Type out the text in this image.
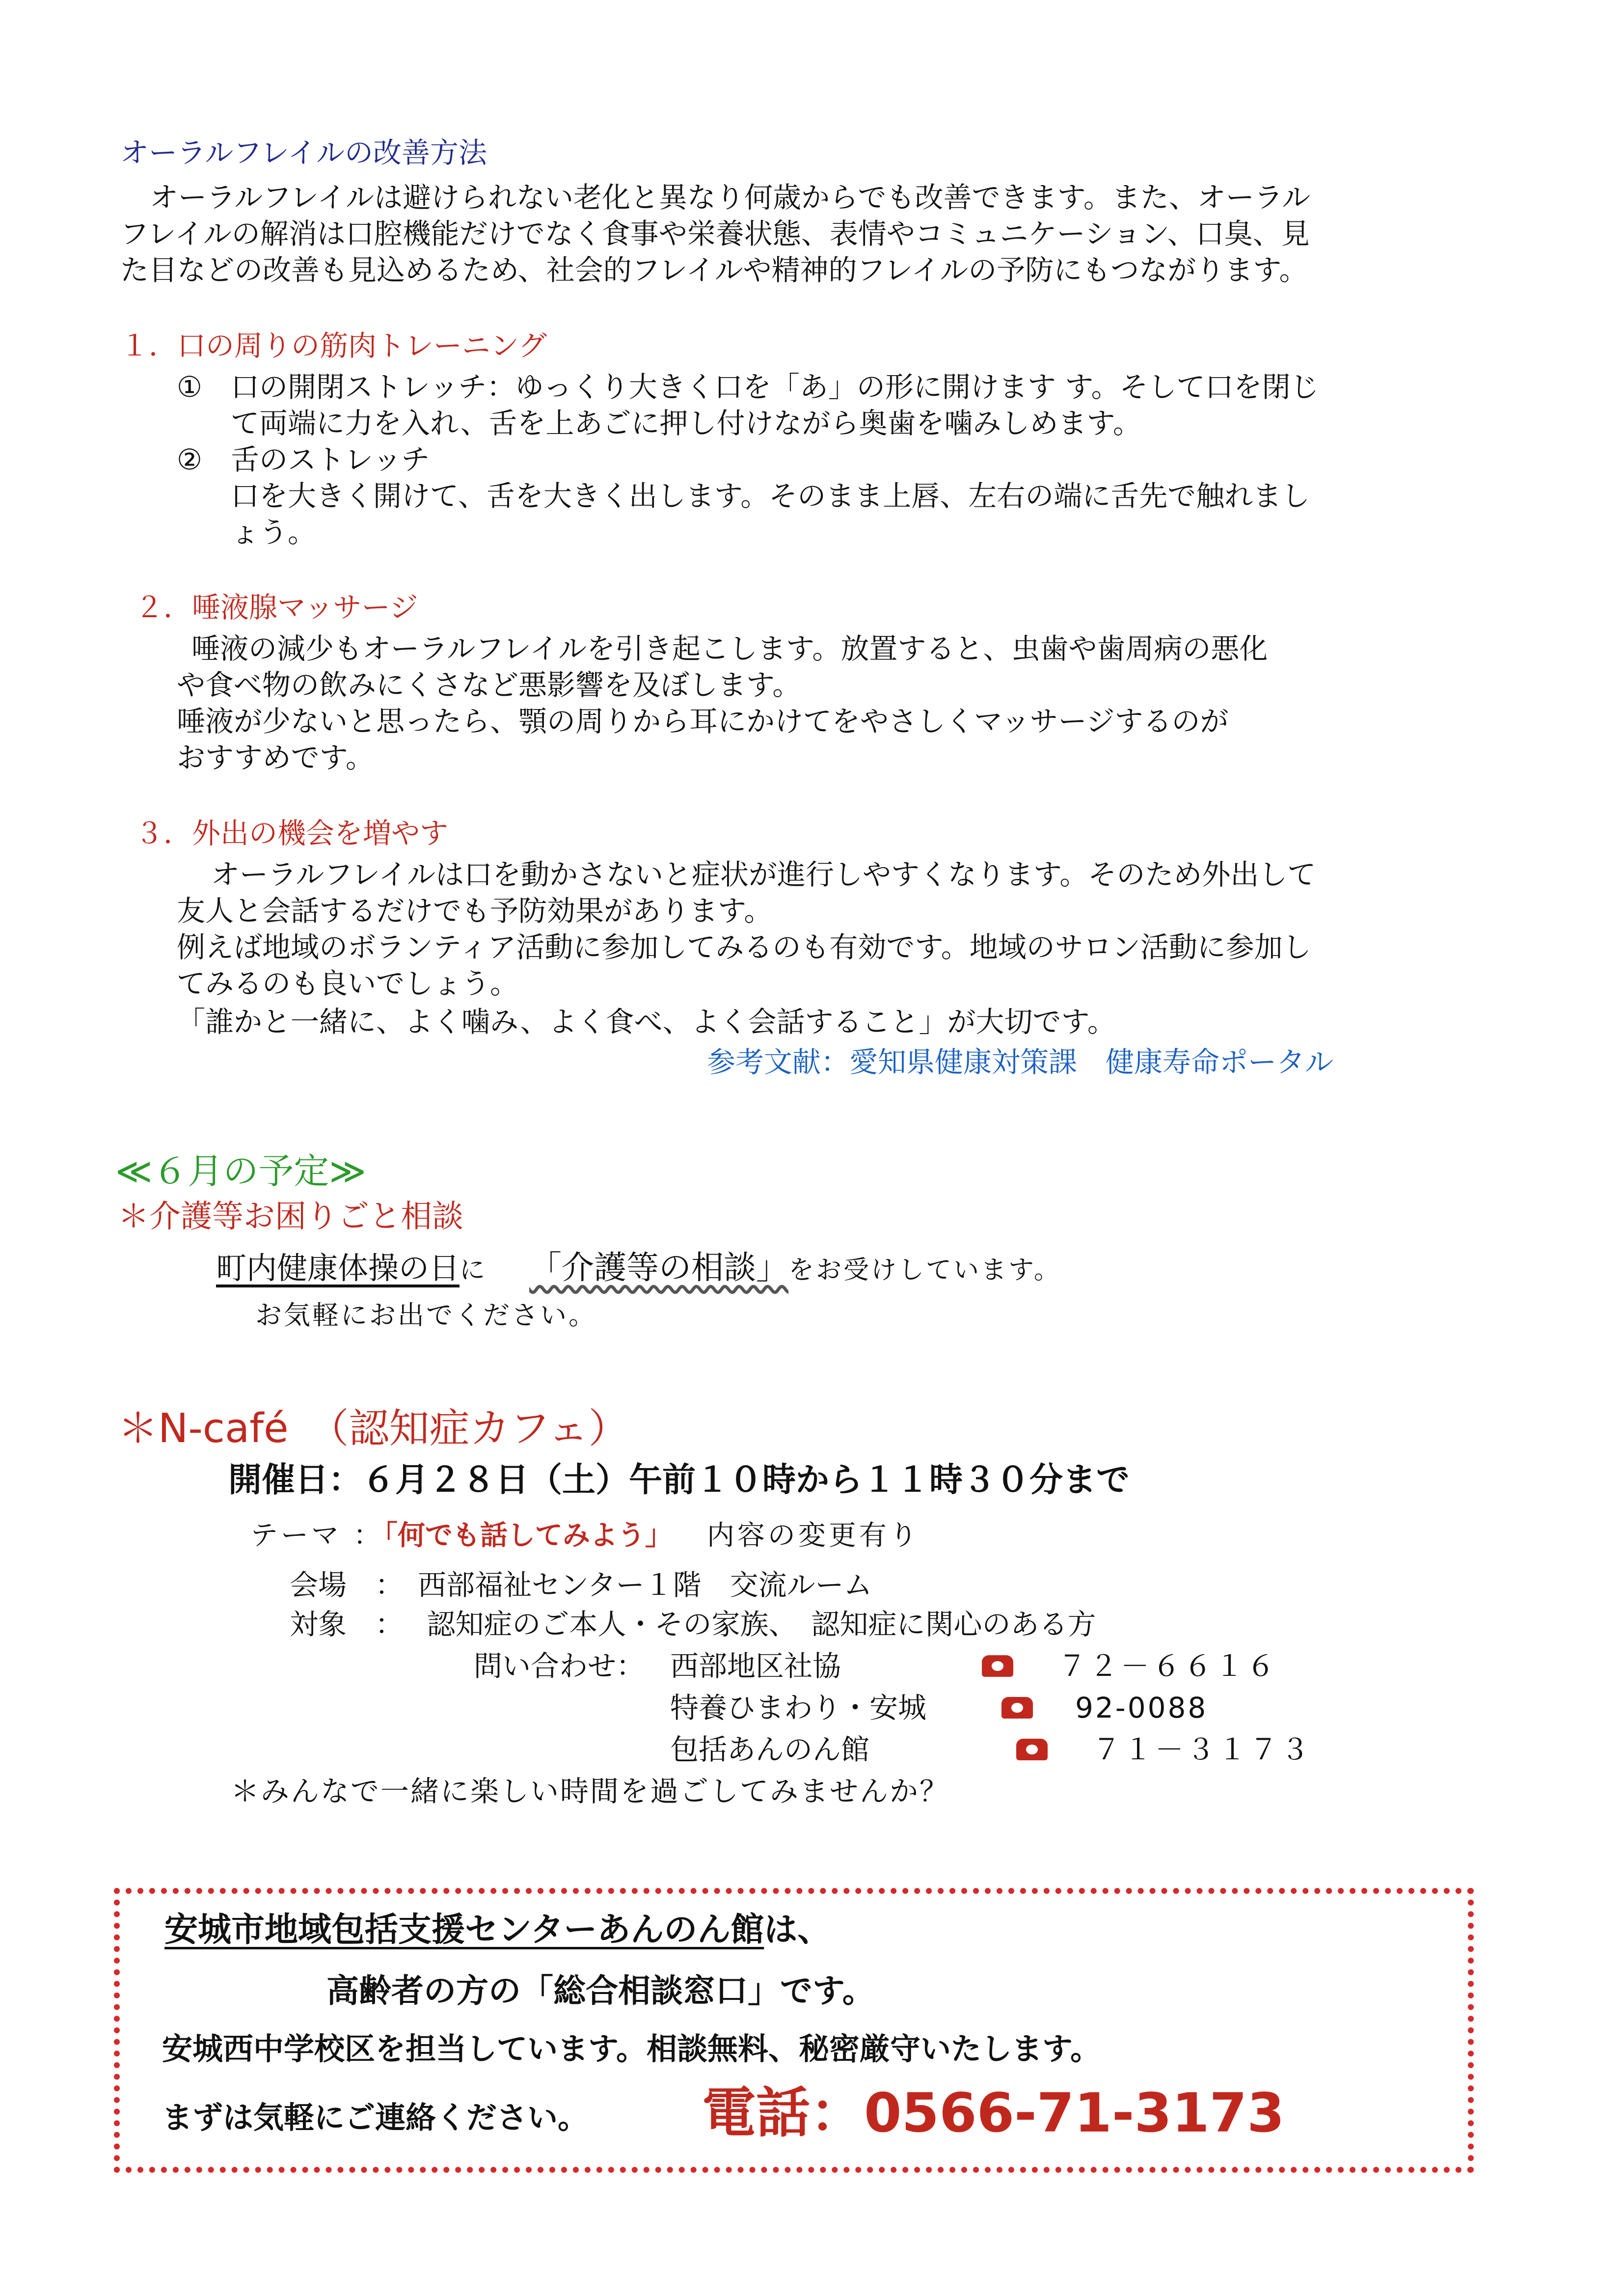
オーラルフレイルの改善方法
オーラルフレイルは避けられない老化と異なり何歳からでも改善できます。また、オーラル
フレイルの解消は口腔機能だけでなく食事や栄養状態、表情やコミュニケーション、口臭、見
た目などの改善も見込めるため、社会的フレイルや精神的フレイルの予防にもつながります。
１．口の周りの筋肉トレーニング
①　口の開閉ストレッチ：ゆっくり大きく口を「あ」の形に開けます す。そして口を閉じ
て両端に力を入れ、舌を上あごに押し付けながら奥歯を噛みしめます。
②　舌のストレッチ
口を大きく開けて、舌を大きく出します。そのまま上唇、左右の端に舌先で触れまし
ょう。
２．唾液腺マッサージ
唾液の減少もオーラルフレイルを引き起こします。放置すると、虫歯や歯周病の悪化
や食べ物の飲みにくさなど悪影響を及ぼします。
唾液が少ないと思ったら、顎の周りから耳にかけてをやさしくマッサージするのが
おすすめです。
３．外出の機会を増やす
オーラルフレイルは口を動かさないと症状が進行しやすくなります。そのため外出して
友人と会話するだけでも予防効果があります。
例えば地域のボランティア活動に参加してみるのも有効です。地域のサロン活動に参加し
てみるのも良いでしょう。
「誰かと一緒に、よく噛み、よく食べ、よく会話すること」が大切です。
参考文献：愛知県健康対策課　健康寿命ポータル
≪６月の予定≫
＊介護等お困りごと相談
町内健康体操の日に 「介護等の相談」をお受けしています。
お気軽にお出でください。
＊N-café　（認知症カフェ）
開催日：６月２８日（土）午前１０時から１１時３０分まで
テーマ ：「何でも話してみよう」 内容の変更有り
会場　：　西部福祉センター１階　交流ルーム
対象　：　 認知症のご本人・その家族、　認知症に関心のある方
問い合わせ： 西部地区社協	７２－６６１６
特養ひまわり・安城	92-0088
包括あんのん館	７１－３１７３
＊みんなで一緒に楽しい時間を過ごしてみませんか？
安城市地域包括支援センターあんのん館は、
高齢者の方の「総合相談窓口」です。
安城西中学校区を担当しています。相談無料、秘密厳守いたします。
まずは気軽にご連絡ください。 電話：0566-71-3173
